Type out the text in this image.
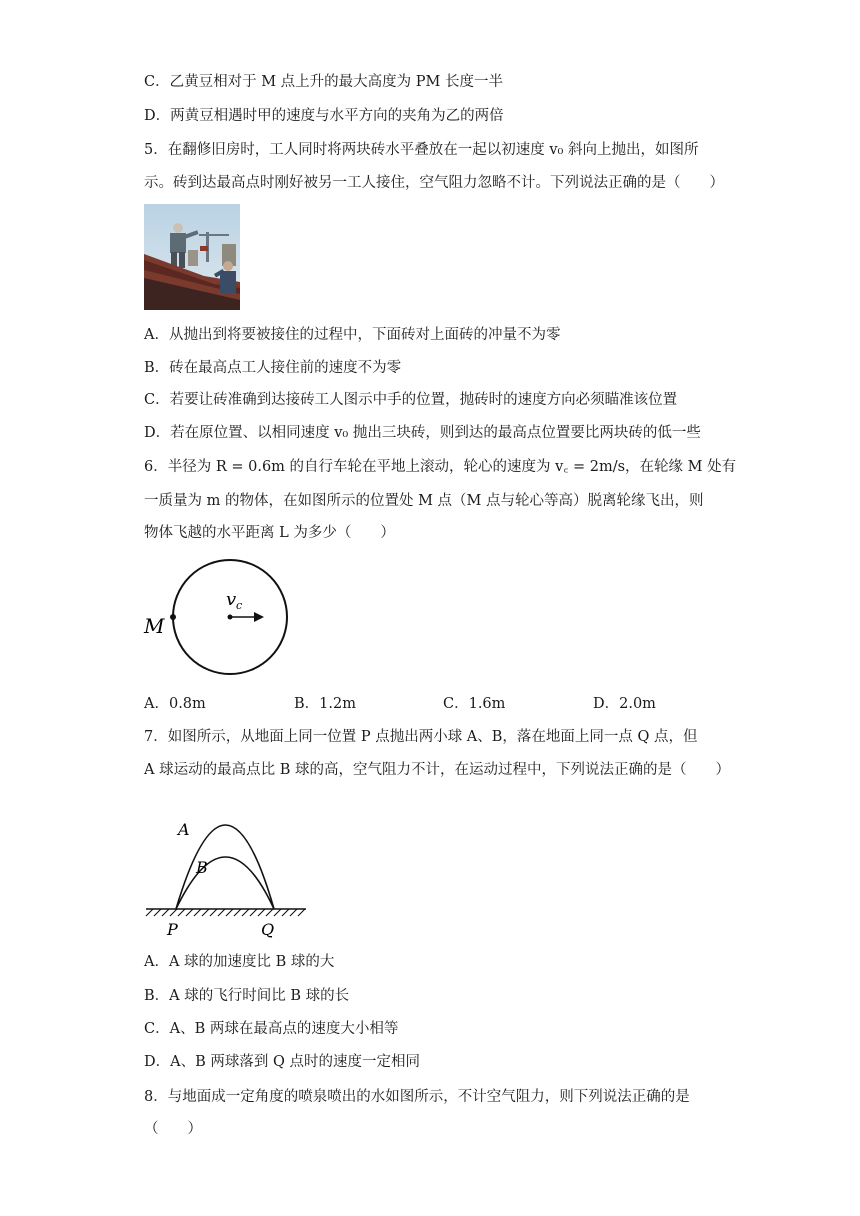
C．乙黄豆相对于 M 点上升的最大高度为 PM 长度一半
D．两黄豆相遇时甲的速度与水平方向的夹角为乙的两倍
5．在翻修旧房时，工人同时将两块砖水平叠放在一起以初速度 v₀ 斜向上抛出，如图所
示。砖到达最高点时刚好被另一工人接住，空气阻力忽略不计。下列说法正确的是（　　）
A．从抛出到将要被接住的过程中，下面砖对上面砖的冲量不为零
B．砖在最高点工人接住前的速度不为零
C．若要让砖准确到达接砖工人图示中手的位置，抛砖时的速度方向必须瞄准该位置
D．若在原位置、以相同速度 v₀ 抛出三块砖，则到达的最高点位置要比两块砖的低一些
6．半径为 R = 0.6m 的自行车轮在平地上滚动，轮心的速度为 v꜀ = 2m/s，在轮缘 M 处有
一质量为 m 的物体，在如图所示的位置处 M 点（M 点与轮心等高）脱离轮缘飞出，则
物体飞越的水平距离 L 为多少（　　）
M
v c
A．0.8m	B．1.2m	C．1.6m	D．2.0m
7．如图所示，从地面上同一位置 P 点抛出两小球 A、B，落在地面上同一点 Q 点，但
A 球运动的最高点比 B 球的高，空气阻力不计，在运动过程中，下列说法正确的是（　　）
A
B
P	Q
A．A 球的加速度比 B 球的大
B．A 球的飞行时间比 B 球的长
C．A、B 两球在最高点的速度大小相等
D．A、B 两球落到 Q 点时的速度一定相同
8．与地面成一定角度的喷泉喷出的水如图所示，不计空气阻力，则下列说法正确的是
（　　）
